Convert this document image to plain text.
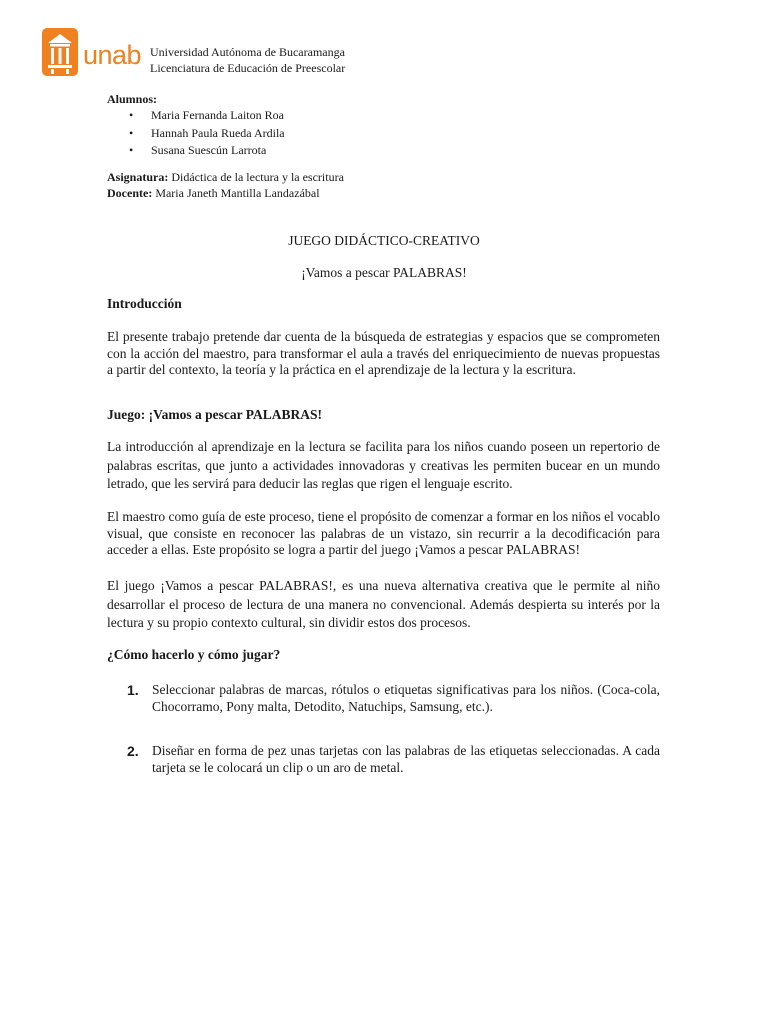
unab Universidad Autónoma de Bucaramanga
Licenciatura de Educación de Preescolar
Alumnos:
• Maria Fernanda Laiton Roa
• Hannah Paula Rueda Ardila
• Susana Suescún Larrota
Asignatura: Didáctica de la lectura y la escritura
Docente: Maria Janeth Mantilla Landazábal
JUEGO DIDÁCTICO-CREATIVO
¡Vamos a pescar PALABRAS!
Introducción

El presente trabajo pretende dar cuenta de la búsqueda de estrategias y espacios que se comprometen con la acción del maestro, para transformar el aula a través del enriquecimiento de nuevas propuestas a partir del contexto, la teoría y la práctica en el aprendizaje de la lectura y la escritura.

Juego: ¡Vamos a pescar PALABRAS!

La introducción al aprendizaje en la lectura se facilita para los niños cuando poseen un repertorio de palabras escritas, que junto a actividades innovadoras y creativas les permiten bucear en un mundo letrado, que les servirá para deducir las reglas que rigen el lenguaje escrito.

El maestro como guía de este proceso, tiene el propósito de comenzar a formar en los niños el vocablo visual, que consiste en reconocer las palabras de un vistazo, sin recurrir a la decodificación para acceder a ellas. Este propósito se logra a partir del juego ¡Vamos a pescar PALABRAS!

El juego ¡Vamos a pescar PALABRAS!, es una nueva alternativa creativa que le permite al niño desarrollar el proceso de lectura de una manera no convencional. Además despierta su interés por la lectura y su propio contexto cultural, sin dividir estos dos procesos.

¿Cómo hacerlo y cómo jugar?
1. Seleccionar palabras de marcas, rótulos o etiquetas significativas para los niños. (Coca-cola, Chocorramo, Pony malta, Detodito, Natuchips, Samsung, etc.).
2. Diseñar en forma de pez unas tarjetas con las palabras de las etiquetas seleccionadas. A cada tarjeta se le colocará un clip o un aro de metal.
